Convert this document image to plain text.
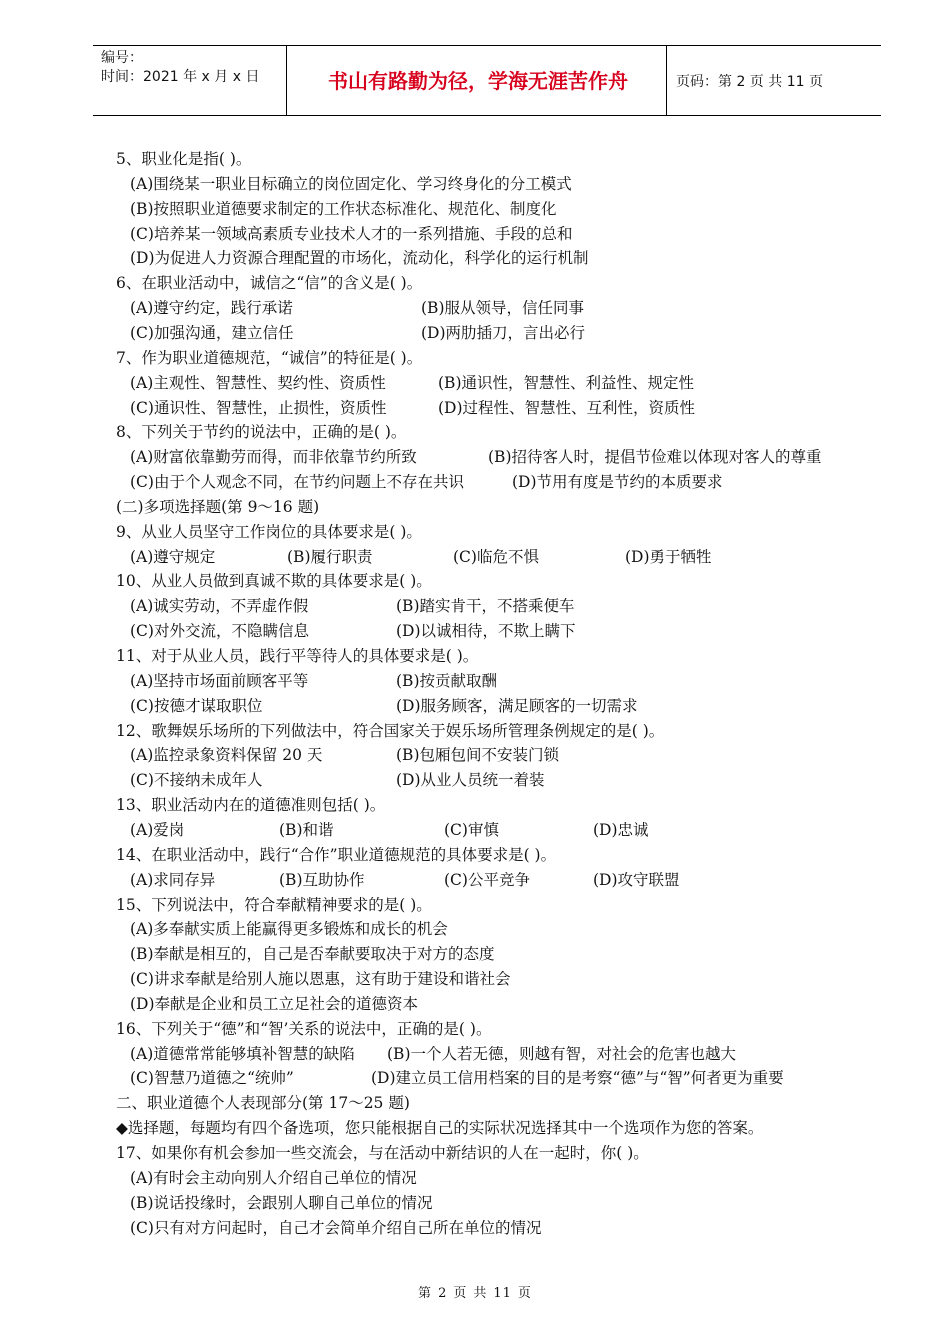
编号：
时间：2021 年 x 月 x 日	书山有路勤为径，学海无涯苦作舟	页码：第 2 页 共 11 页
5、职业化是指( )。
(A)围绕某一职业目标确立的岗位固定化、学习终身化的分工模式
(B)按照职业道德要求制定的工作状态标准化、规范化、制度化
(C)培养某一领域高素质专业技术人才的一系列措施、手段的总和
(D)为促进人力资源合理配置的市场化，流动化，科学化的运行机制
6、在职业活动中，诚信之“信”的含义是( )。
(A)遵守约定，践行承诺	(B)服从领导，信任同事
(C)加强沟通，建立信任	(D)两肋插刀，言出必行
7、作为职业道德规范，“诚信”的特征是( )。
(A)主观性、智慧性、契约性、资质性	(B)通识性，智慧性、利益性、规定性
(C)通识性、智慧性，止损性，资质性	(D)过程性、智慧性、互利性，资质性
8、下列关于节约的说法中，正确的是( )。
(A)财富依靠勤劳而得，而非依靠节约所致	(B)招待客人时，提倡节俭难以体现对客人的尊重
(C)由于个人观念不同，在节约问题上不存在共识	(D)节用有度是节约的本质要求
(二)多项选择题(第 9～16 题)
9、从业人员坚守工作岗位的具体要求是( )。
(A)遵守规定	(B)履行职责	(C)临危不惧	(D)勇于牺牲
10、从业人员做到真诚不欺的具体要求是( )。
(A)诚实劳动，不弄虚作假	(B)踏实肯干，不搭乘便车
(C)对外交流，不隐瞒信息	(D)以诚相待，不欺上瞒下
11、对于从业人员，践行平等待人的具体要求是( )。
(A)坚持市场面前顾客平等	(B)按贡献取酬
(C)按德才谋取职位	(D)服务顾客，满足顾客的一切需求
12、歌舞娱乐场所的下列做法中，符合国家关于娱乐场所管理条例规定的是( )。
(A)监控录象资料保留 20 天	(B)包厢包间不安装门锁
(C)不接纳未成年人	(D)从业人员统一着装
13、职业活动内在的道德准则包括( )。
(A)爱岗	(B)和谐	(C)审慎	(D)忠诚
14、在职业活动中，践行“合作”职业道德规范的具体要求是( )。
(A)求同存异	(B)互助协作	(C)公平竞争	(D)攻守联盟
15、下列说法中，符合奉献精神要求的是( )。
(A)多奉献实质上能赢得更多锻炼和成长的机会
(B)奉献是相互的，自己是否奉献要取决于对方的态度
(C)讲求奉献是给别人施以恩惠，这有助于建设和谐社会
(D)奉献是企业和员工立足社会的道德资本
16、下列关于“德”和“智’关系的说法中，正确的是( )。
(A)道德常常能够填补智慧的缺陷 (B)一个人若无德，则越有智，对社会的危害也越大
(C)智慧乃道德之“统帅”	(D)建立员工信用档案的目的是考察“德”与“智”何者更为重要
二、职业道德个人表现部分(第 17～25 题)
◆选择题，每题均有四个备选项，您只能根据自己的实际状况选择其中一个选项作为您的答案。
17、如果你有机会参加一些交流会，与在活动中新结识的人在一起时，你( )。
(A)有时会主动向别人介绍自己单位的情况
(B)说话投缘时，会跟别人聊自己单位的情况
(C)只有对方问起时，自己才会简单介绍自己所在单位的情况
第 2 页 共 11 页
